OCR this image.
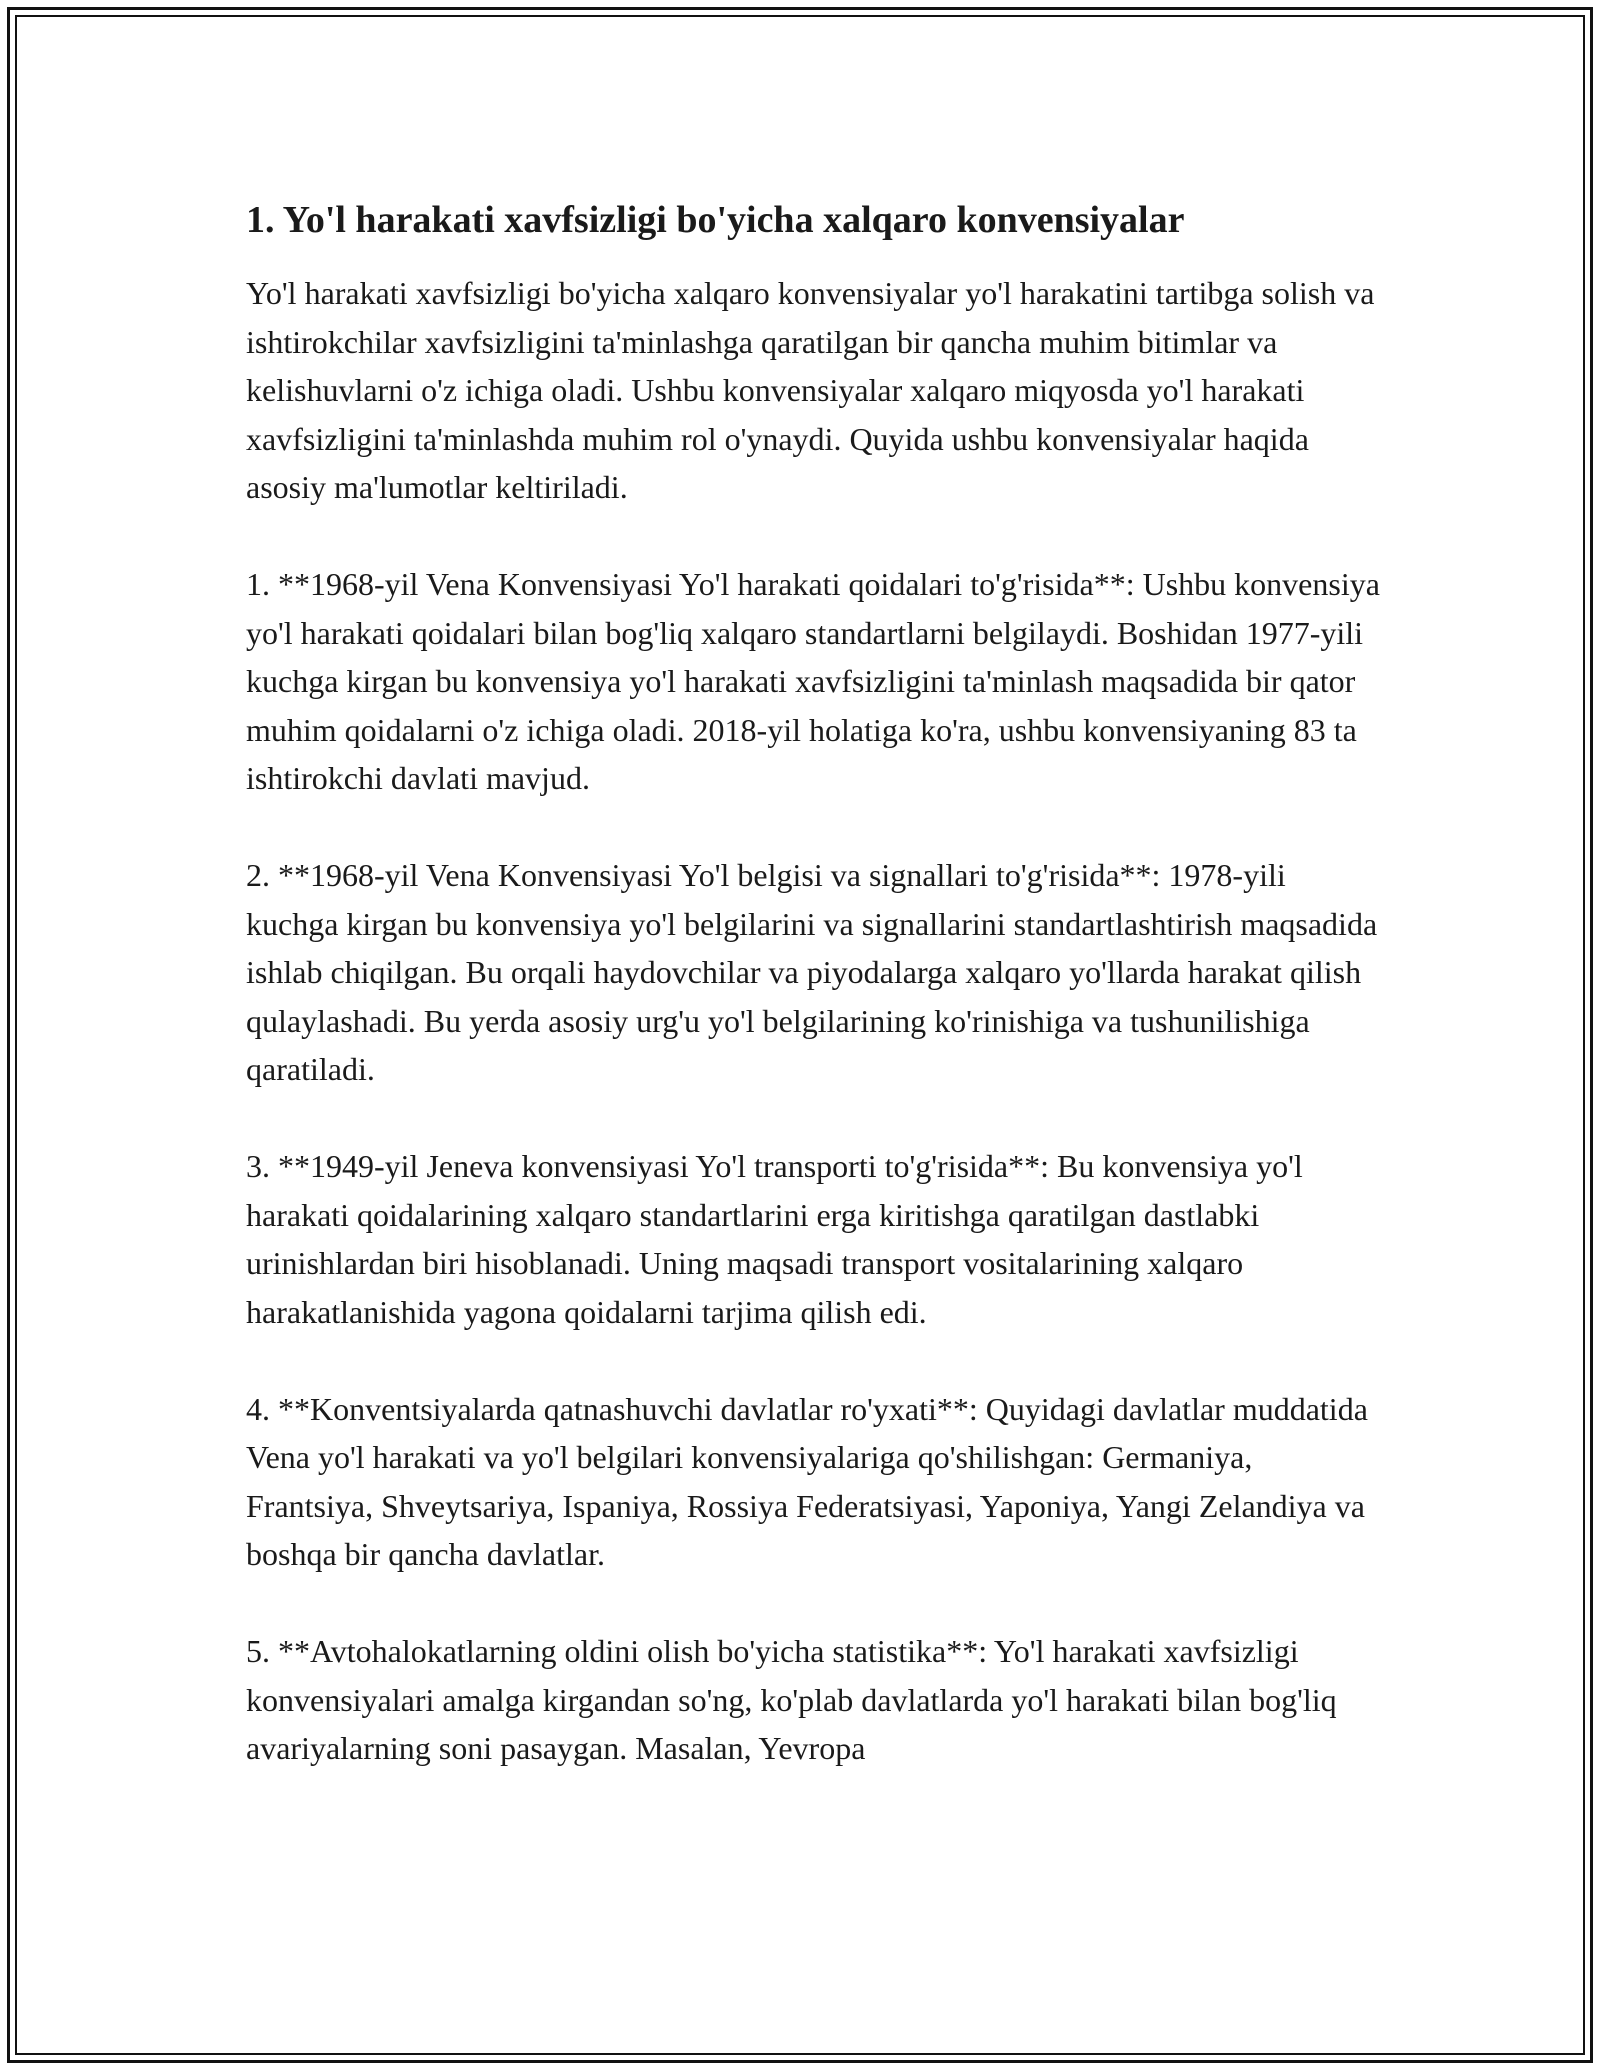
1. Yo'l harakati xavfsizligi bo'yicha xalqaro konvensiyalar

Yo'l harakati xavfsizligi bo'yicha xalqaro konvensiyalar yo'l harakatini tartibga solish va ishtirokchilar xavfsizligini ta'minlashga qaratilgan bir qancha muhim bitimlar va kelishuvlarni o'z ichiga oladi. Ushbu konvensiyalar xalqaro miqyosda yo'l harakati xavfsizligini ta'minlashda muhim rol o'ynaydi. Quyida ushbu konvensiyalar haqida asosiy ma'lumotlar keltiriladi.

1. **1968-yil Vena Konvensiyasi Yo'l harakati qoidalari to'g'risida**: Ushbu konvensiya yo'l harakati qoidalari bilan bog'liq xalqaro standartlarni belgilaydi. Boshidan 1977-yili kuchga kirgan bu konvensiya yo'l harakati xavfsizligini ta'minlash maqsadida bir qator muhim qoidalarni o'z ichiga oladi. 2018-yil holatiga ko'ra, ushbu konvensiyaning 83 ta ishtirokchi davlati mavjud.

2. **1968-yil Vena Konvensiyasi Yo'l belgisi va signallari to'g'risida**: 1978-yili kuchga kirgan bu konvensiya yo'l belgilarini va signallarini standartlashtirish maqsadida ishlab chiqilgan. Bu orqali haydovchilar va piyodalarga xalqaro yo'llarda harakat qilish qulaylashadi. Bu yerda asosiy urg'u yo'l belgilarining ko'rinishiga va tushunilishiga qaratiladi.

3. **1949-yil Jeneva konvensiyasi Yo'l transporti to'g'risida**: Bu konvensiya yo'l harakati qoidalarining xalqaro standartlarini erga kiritishga qaratilgan dastlabki urinishlardan biri hisoblanadi. Uning maqsadi transport vositalarining xalqaro harakatlanishida yagona qoidalarni tarjima qilish edi.

4. **Konventsiyalarda qatnashuvchi davlatlar ro'yxati**: Quyidagi davlatlar muddatida Vena yo'l harakati va yo'l belgilari konvensiyalariga qo'shilishgan: Germaniya, Frantsiya, Shveytsariya, Ispaniya, Rossiya Federatsiyasi, Yaponiya, Yangi Zelandiya va boshqa bir qancha davlatlar.

5. **Avtohalokatlarning oldini olish bo'yicha statistika**: Yo'l harakati xavfsizligi konvensiyalari amalga kirgandan so'ng, ko'plab davlatlarda yo'l harakati bilan bog'liq avariyalarning soni pasaygan. Masalan, Yevropa
